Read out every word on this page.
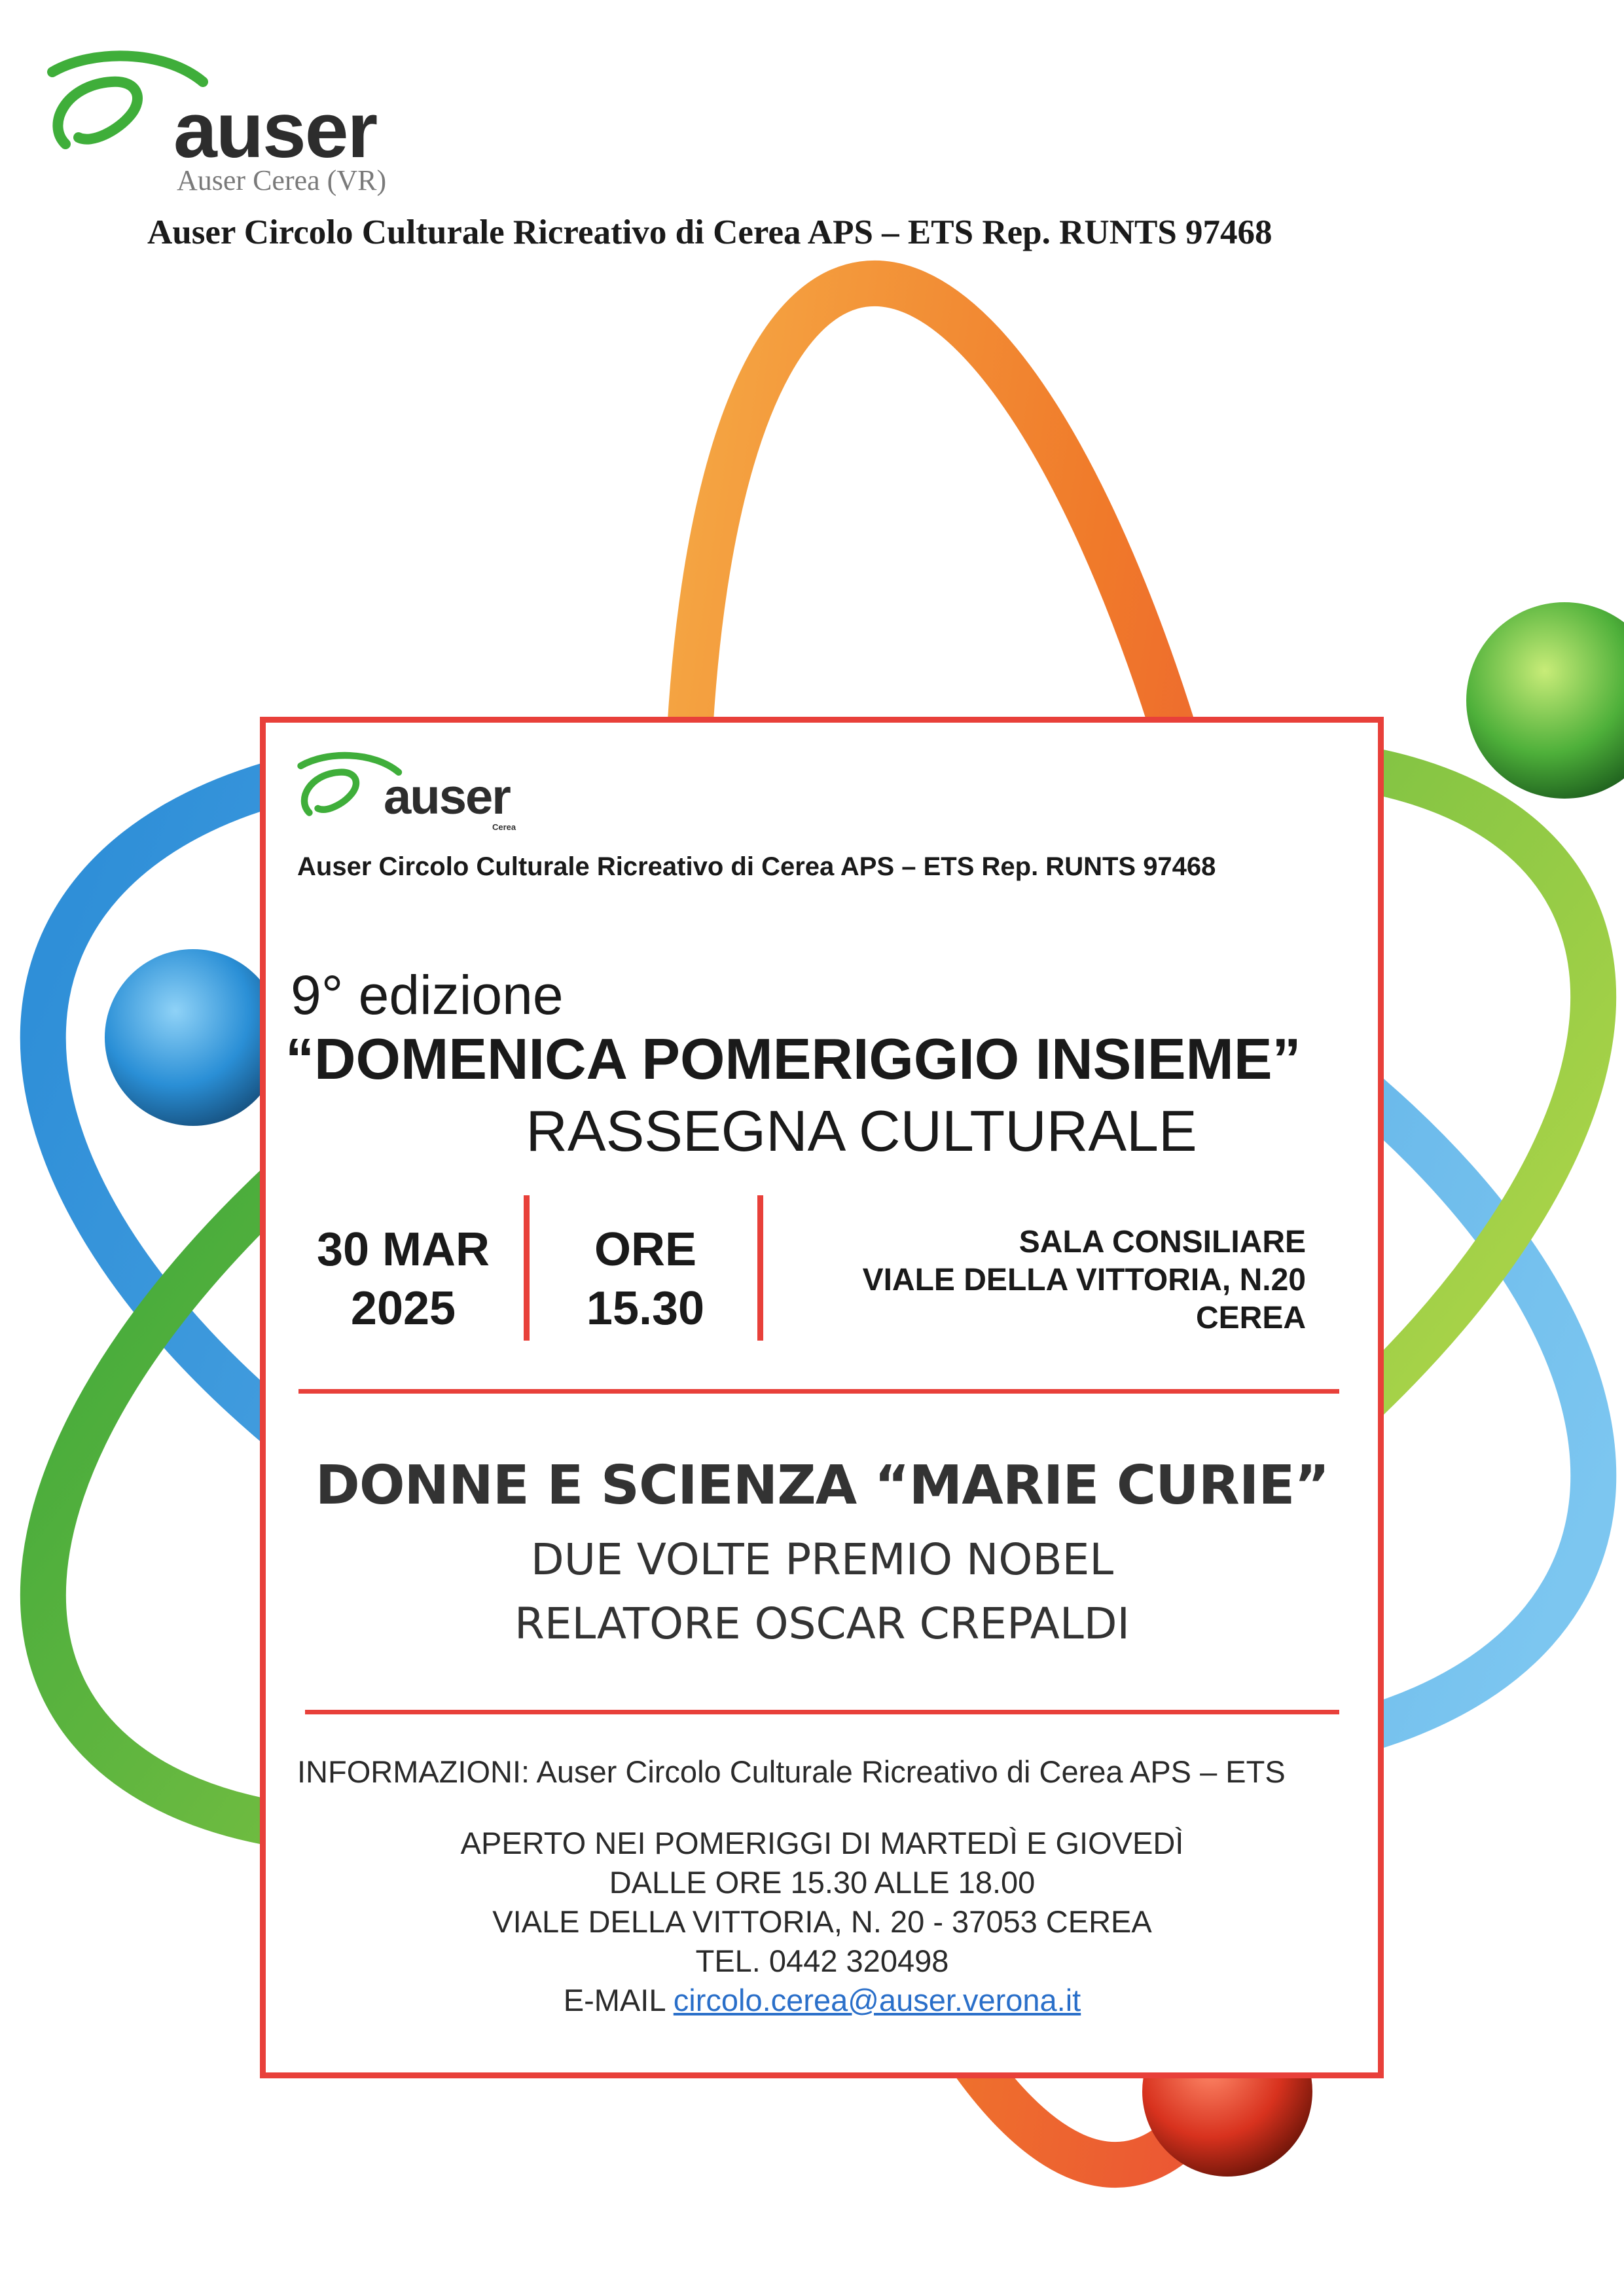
auser
Auser Cerea (VR)
Auser Circolo Culturale Ricreativo di Cerea APS – ETS Rep. RUNTS 97468
auser
Cerea
Auser Circolo Culturale Ricreativo di Cerea APS – ETS Rep. RUNTS 97468
9° edizione
“DOMENICA POMERIGGIO INSIEME”
RASSEGNA CULTURALE
30 MAR
2025
ORE
15.30
SALA CONSILIARE
VIALE DELLA VITTORIA, N.20
CEREA
DONNE E SCIENZA “MARIE CURIE”
DUE VOLTE PREMIO NOBEL
RELATORE OSCAR CREPALDI
INFORMAZIONI: Auser Circolo Culturale Ricreativo di Cerea APS – ETS
APERTO NEI POMERIGGI DI MARTEDÌ E GIOVEDÌ
DALLE ORE 15.30 ALLE 18.00
VIALE DELLA VITTORIA, N. 20 - 37053 CEREA
TEL. 0442 320498
E-MAIL circolo.cerea@auser.verona.it
